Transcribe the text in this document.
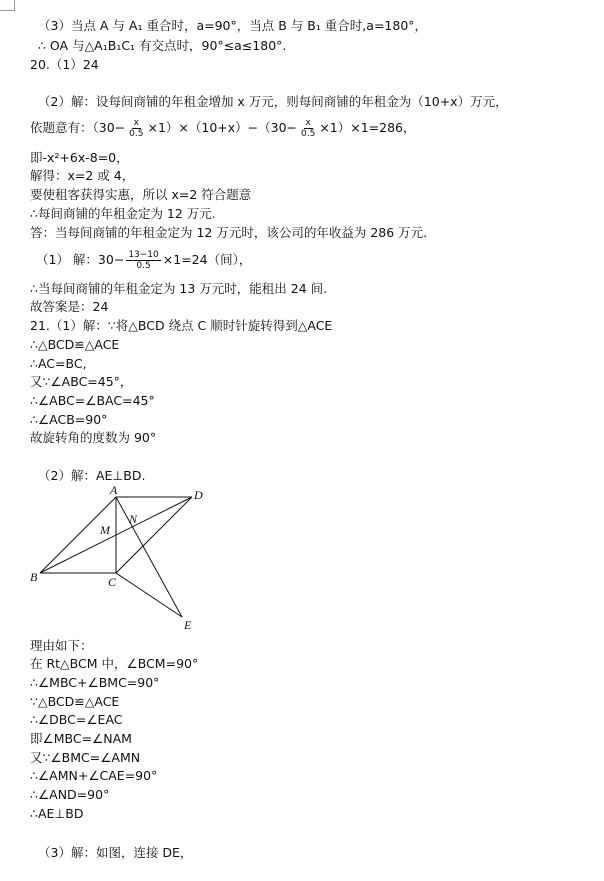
（3）当点 A 与 A₁ 重合时，a=90°，当点 B 与 B₁ 重合时,a=180°，
∴ OA 与△A₁B₁C₁ 有交点时，90°≤a≤180°.
20.（1）24
（2）解：设每间商铺的年租金增加 x 万元，则每间商铺的年租金为（10+x）万元，
依题意有：$(30- \frac{x}{0.5} \times 1)\times(10+x)-(30- \frac{x}{0.5} \times 1)\times 1=286$，
即-x²+6x-8=0，
解得：x=2 或 4，
要使租客获得实惠，所以 x=2 符合题意
∴每间商铺的年租金定为 12 万元.
答：当每间商铺的年租金定为 12 万元时，该公司的年收益为 286 万元.
（1） 解：$30- \frac{13-10}{0.5} \times 1=24$（间），
∴当每间商铺的年租金定为 13 万元时，能租出 24 间.
故答案是：24
21.（1）解：∵将△BCD 绕点 C 顺时针旋转得到△ACE
∴△BCD≌△ACE
∴AC=BC,
又∵∠ABC=45°，
∴∠ABC=∠BAC=45°
∴∠ACB=90°
故旋转角的度数为 90°
（2）解：AE⊥BD.
A
B	C
D
E
M
N
理由如下：
在 Rt△BCM 中，∠BCM=90°
∴∠MBC+∠BMC=90°
∵△BCD≌△ACE
∴∠DBC=∠EAC
即∠MBC=∠NAM
又∵∠BMC=∠AMN
∴∠AMN+∠CAE=90°
∴∠AND=90°
∴AE⊥BD
（3）解：如图，连接 DE，
